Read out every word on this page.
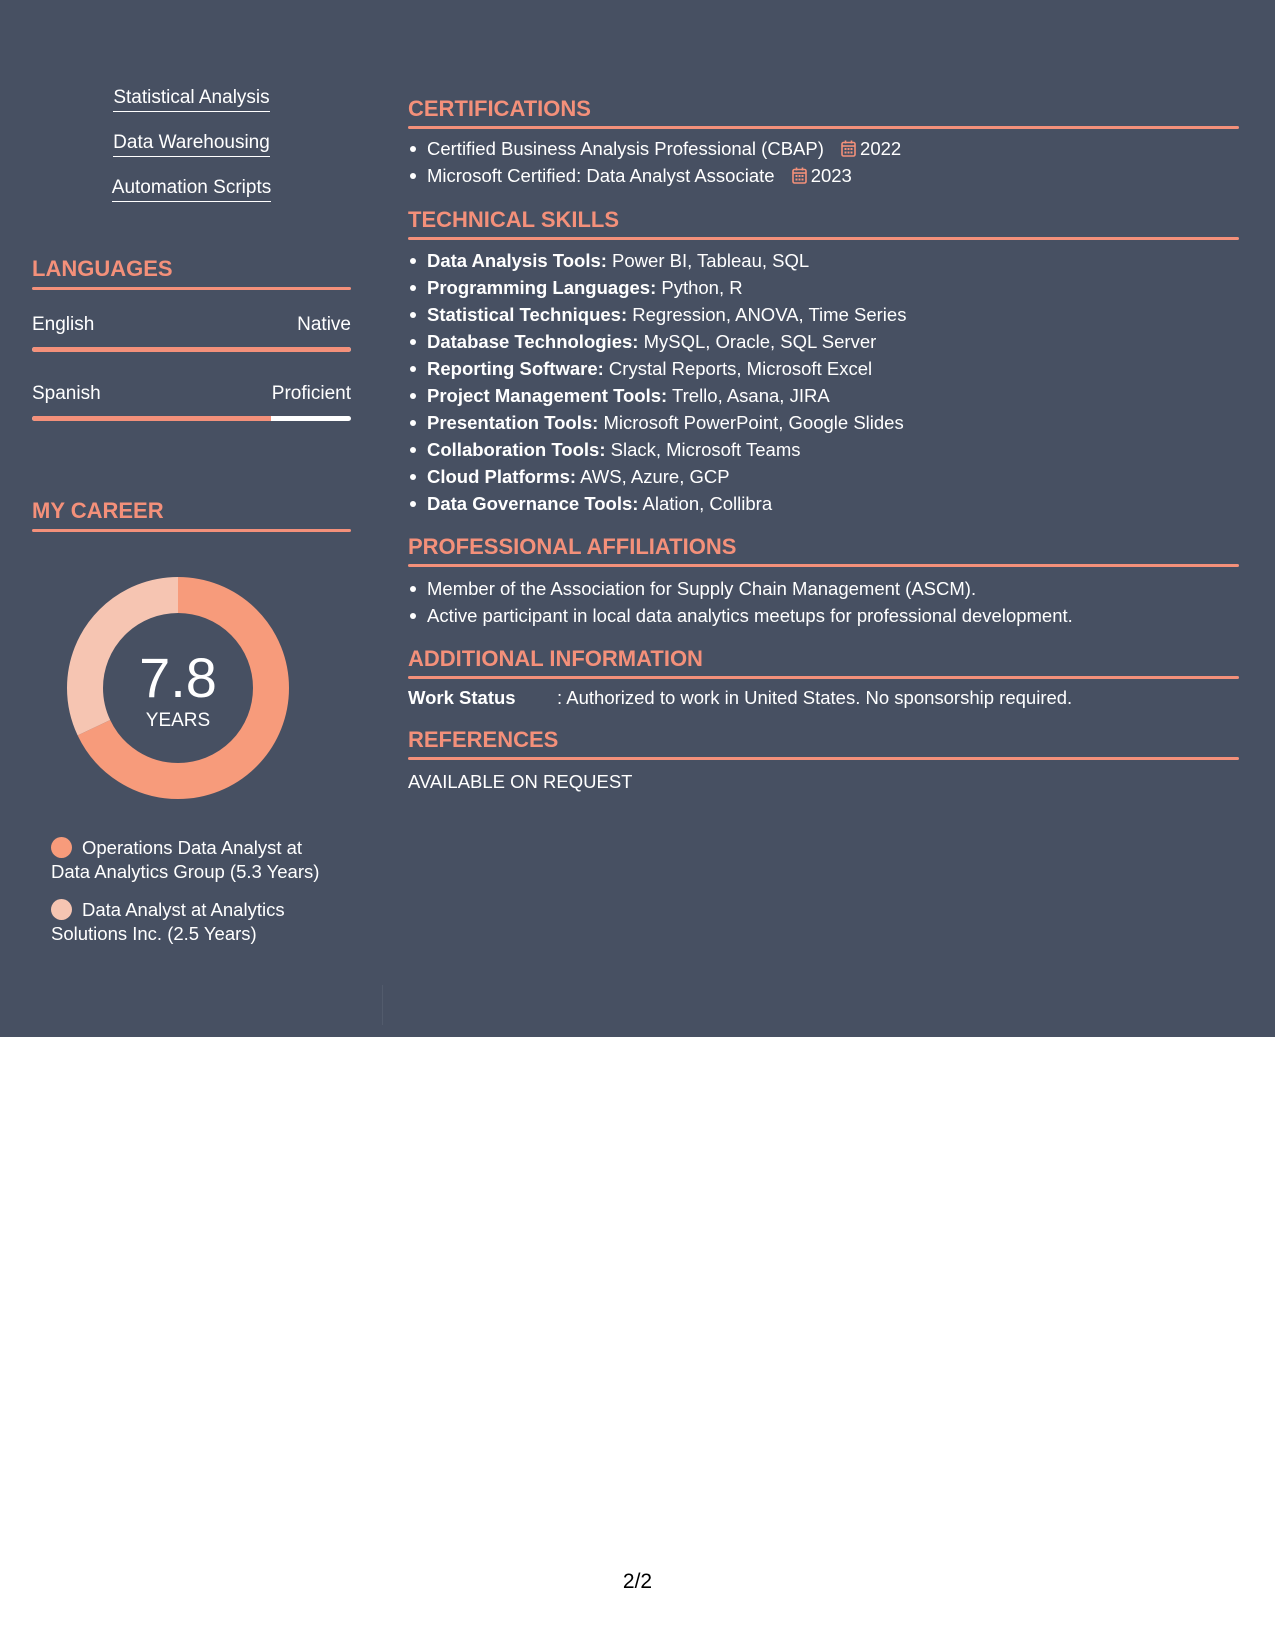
Statistical Analysis
Data Warehousing
Automation Scripts
LANGUAGES
English	Native
Spanish	Proficient
MY CAREER
7.8
YEARS
Operations Data Analyst at Data Analytics Group (5.3 Years)
Data Analyst at Analytics Solutions Inc. (2.5 Years)
CERTIFICATIONS
Certified Business Analysis Professional (CBAP) 2022
Microsoft Certified: Data Analyst Associate 2023
TECHNICAL SKILLS
Data Analysis Tools: Power BI, Tableau, SQL
Programming Languages: Python, R
Statistical Techniques: Regression, ANOVA, Time Series
Database Technologies: MySQL, Oracle, SQL Server
Reporting Software: Crystal Reports, Microsoft Excel
Project Management Tools: Trello, Asana, JIRA
Presentation Tools: Microsoft PowerPoint, Google Slides
Collaboration Tools: Slack, Microsoft Teams
Cloud Platforms: AWS, Azure, GCP
Data Governance Tools: Alation, Collibra
PROFESSIONAL AFFILIATIONS
Member of the Association for Supply Chain Management (ASCM).
Active participant in local data analytics meetups for professional development.
ADDITIONAL INFORMATION
Work Status : Authorized to work in United States. No sponsorship required.
REFERENCES
AVAILABLE ON REQUEST
2/2
